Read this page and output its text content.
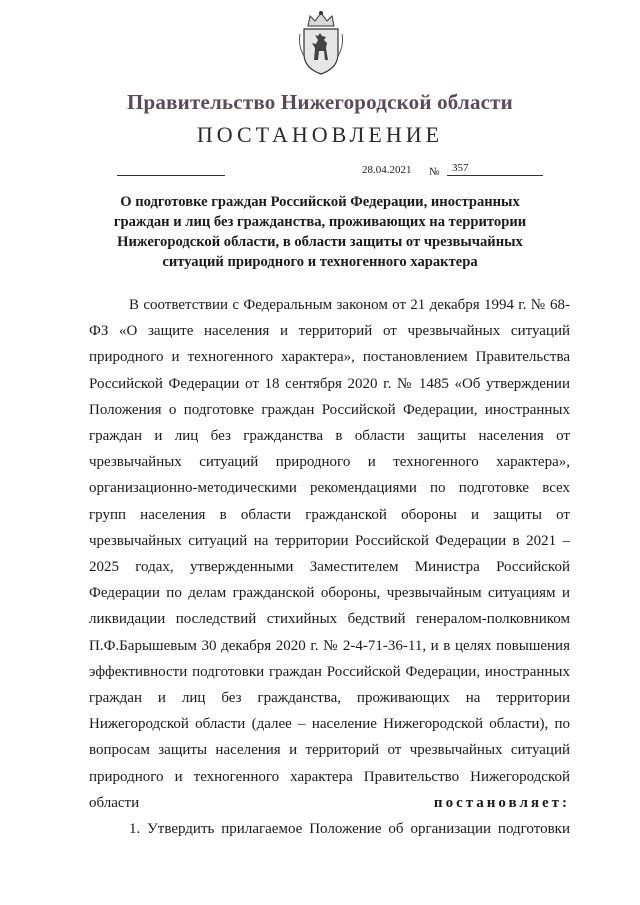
Правительство Нижегородской области
ПОСТАНОВЛЕНИЕ
28.04.2021 № 357
О подготовке граждан Российской Федерации, иностранных граждан и лиц без гражданства, проживающих на территории Нижегородской области, в области защиты от чрезвычайных ситуаций природного и техногенного характера

В соответствии с Федеральным законом от 21 декабря 1994 г. № 68-ФЗ «О защите населения и территорий от чрезвычайных ситуаций природного и техногенного характера», постановлением Правительства Российской Федерации от 18 сентября 2020 г. № 1485 «Об утверждении Положения о подготовке граждан Российской Федерации, иностранных граждан и лиц без гражданства в области защиты населения от чрезвычайных ситуаций природного и техногенного характера», организационно-методическими рекомендациями по подготовке всех групп населения в области гражданской обороны и защиты от чрезвычайных ситуаций на территории Российской Федерации в 2021 – 2025 годах, утвержденными Заместителем Министра Российской Федерации по делам гражданской обороны, чрезвычайным ситуациям и ликвидации последствий стихийных бедствий генералом-полковником П.Ф.Барышевым 30 декабря 2020 г. № 2-4-71-36-11, и в целях повышения эффективности подготовки граждан Российской Федерации, иностранных граждан и лиц без гражданства, проживающих на территории Нижегородской области (далее – население Нижегородской области), по вопросам защиты населения и территорий от чрезвычайных ситуаций природного и техногенного характера Правительство Нижегородской области	постановляет:

1. Утвердить прилагаемое Положение об организации подготовки
